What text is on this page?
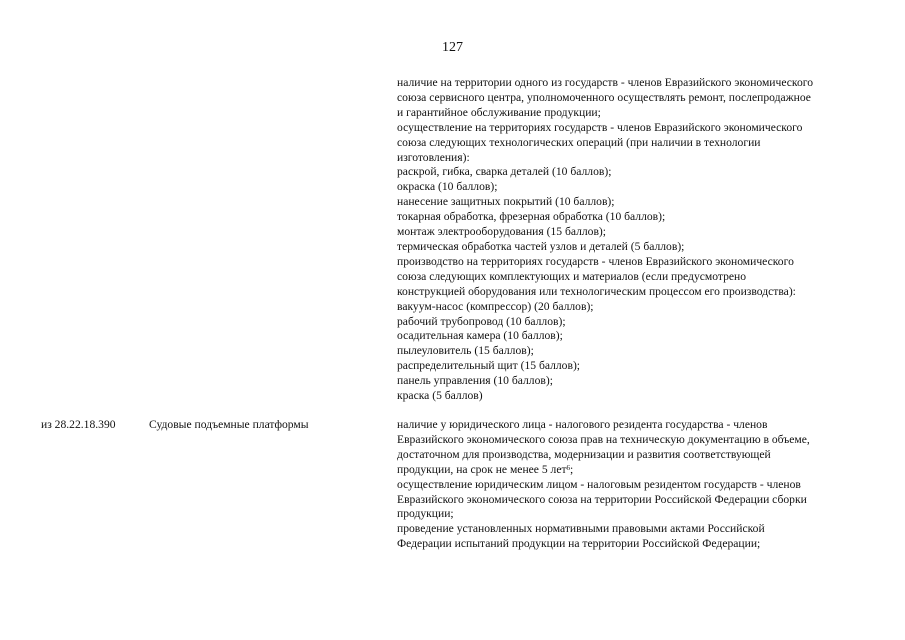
127
наличие на территории одного из государств - членов Евразийского экономического
союза сервисного центра, уполномоченного осуществлять ремонт, послепродажное
и гарантийное обслуживание продукции;
осуществление на территориях государств - членов Евразийского экономического
союза следующих технологических операций (при наличии в технологии
изготовления):
раскрой, гибка, сварка деталей (10 баллов);
окраска (10 баллов);
нанесение защитных покрытий (10 баллов);
токарная обработка, фрезерная обработка (10 баллов);
монтаж электрооборудования (15 баллов);
термическая обработка частей узлов и деталей (5 баллов);
производство на территориях государств - членов Евразийского экономического
союза следующих комплектующих и материалов (если предусмотрено
конструкцией оборудования или технологическим процессом его производства):
вакуум-насос (компрессор) (20 баллов);
рабочий трубопровод (10 баллов);
осадительная камера (10 баллов);
пылеуловитель (15 баллов);
распределительный щит (15 баллов);
панель управления (10 баллов);
краска (5 баллов)
из 28.22.18.390	Судовые подъемные платформы	наличие у юридического лица - налогового резидента государства - членов
Евразийского экономического союза прав на техническую документацию в объеме,
достаточном для производства, модернизации и развития соответствующей
продукции, на срок не менее 5 лет$^6$;
осуществление юридическим лицом - налоговым резидентом государств - членов
Евразийского экономического союза на территории Российской Федерации сборки
продукции;
проведение установленных нормативными правовыми актами Российской
Федерации испытаний продукции на территории Российской Федерации;
